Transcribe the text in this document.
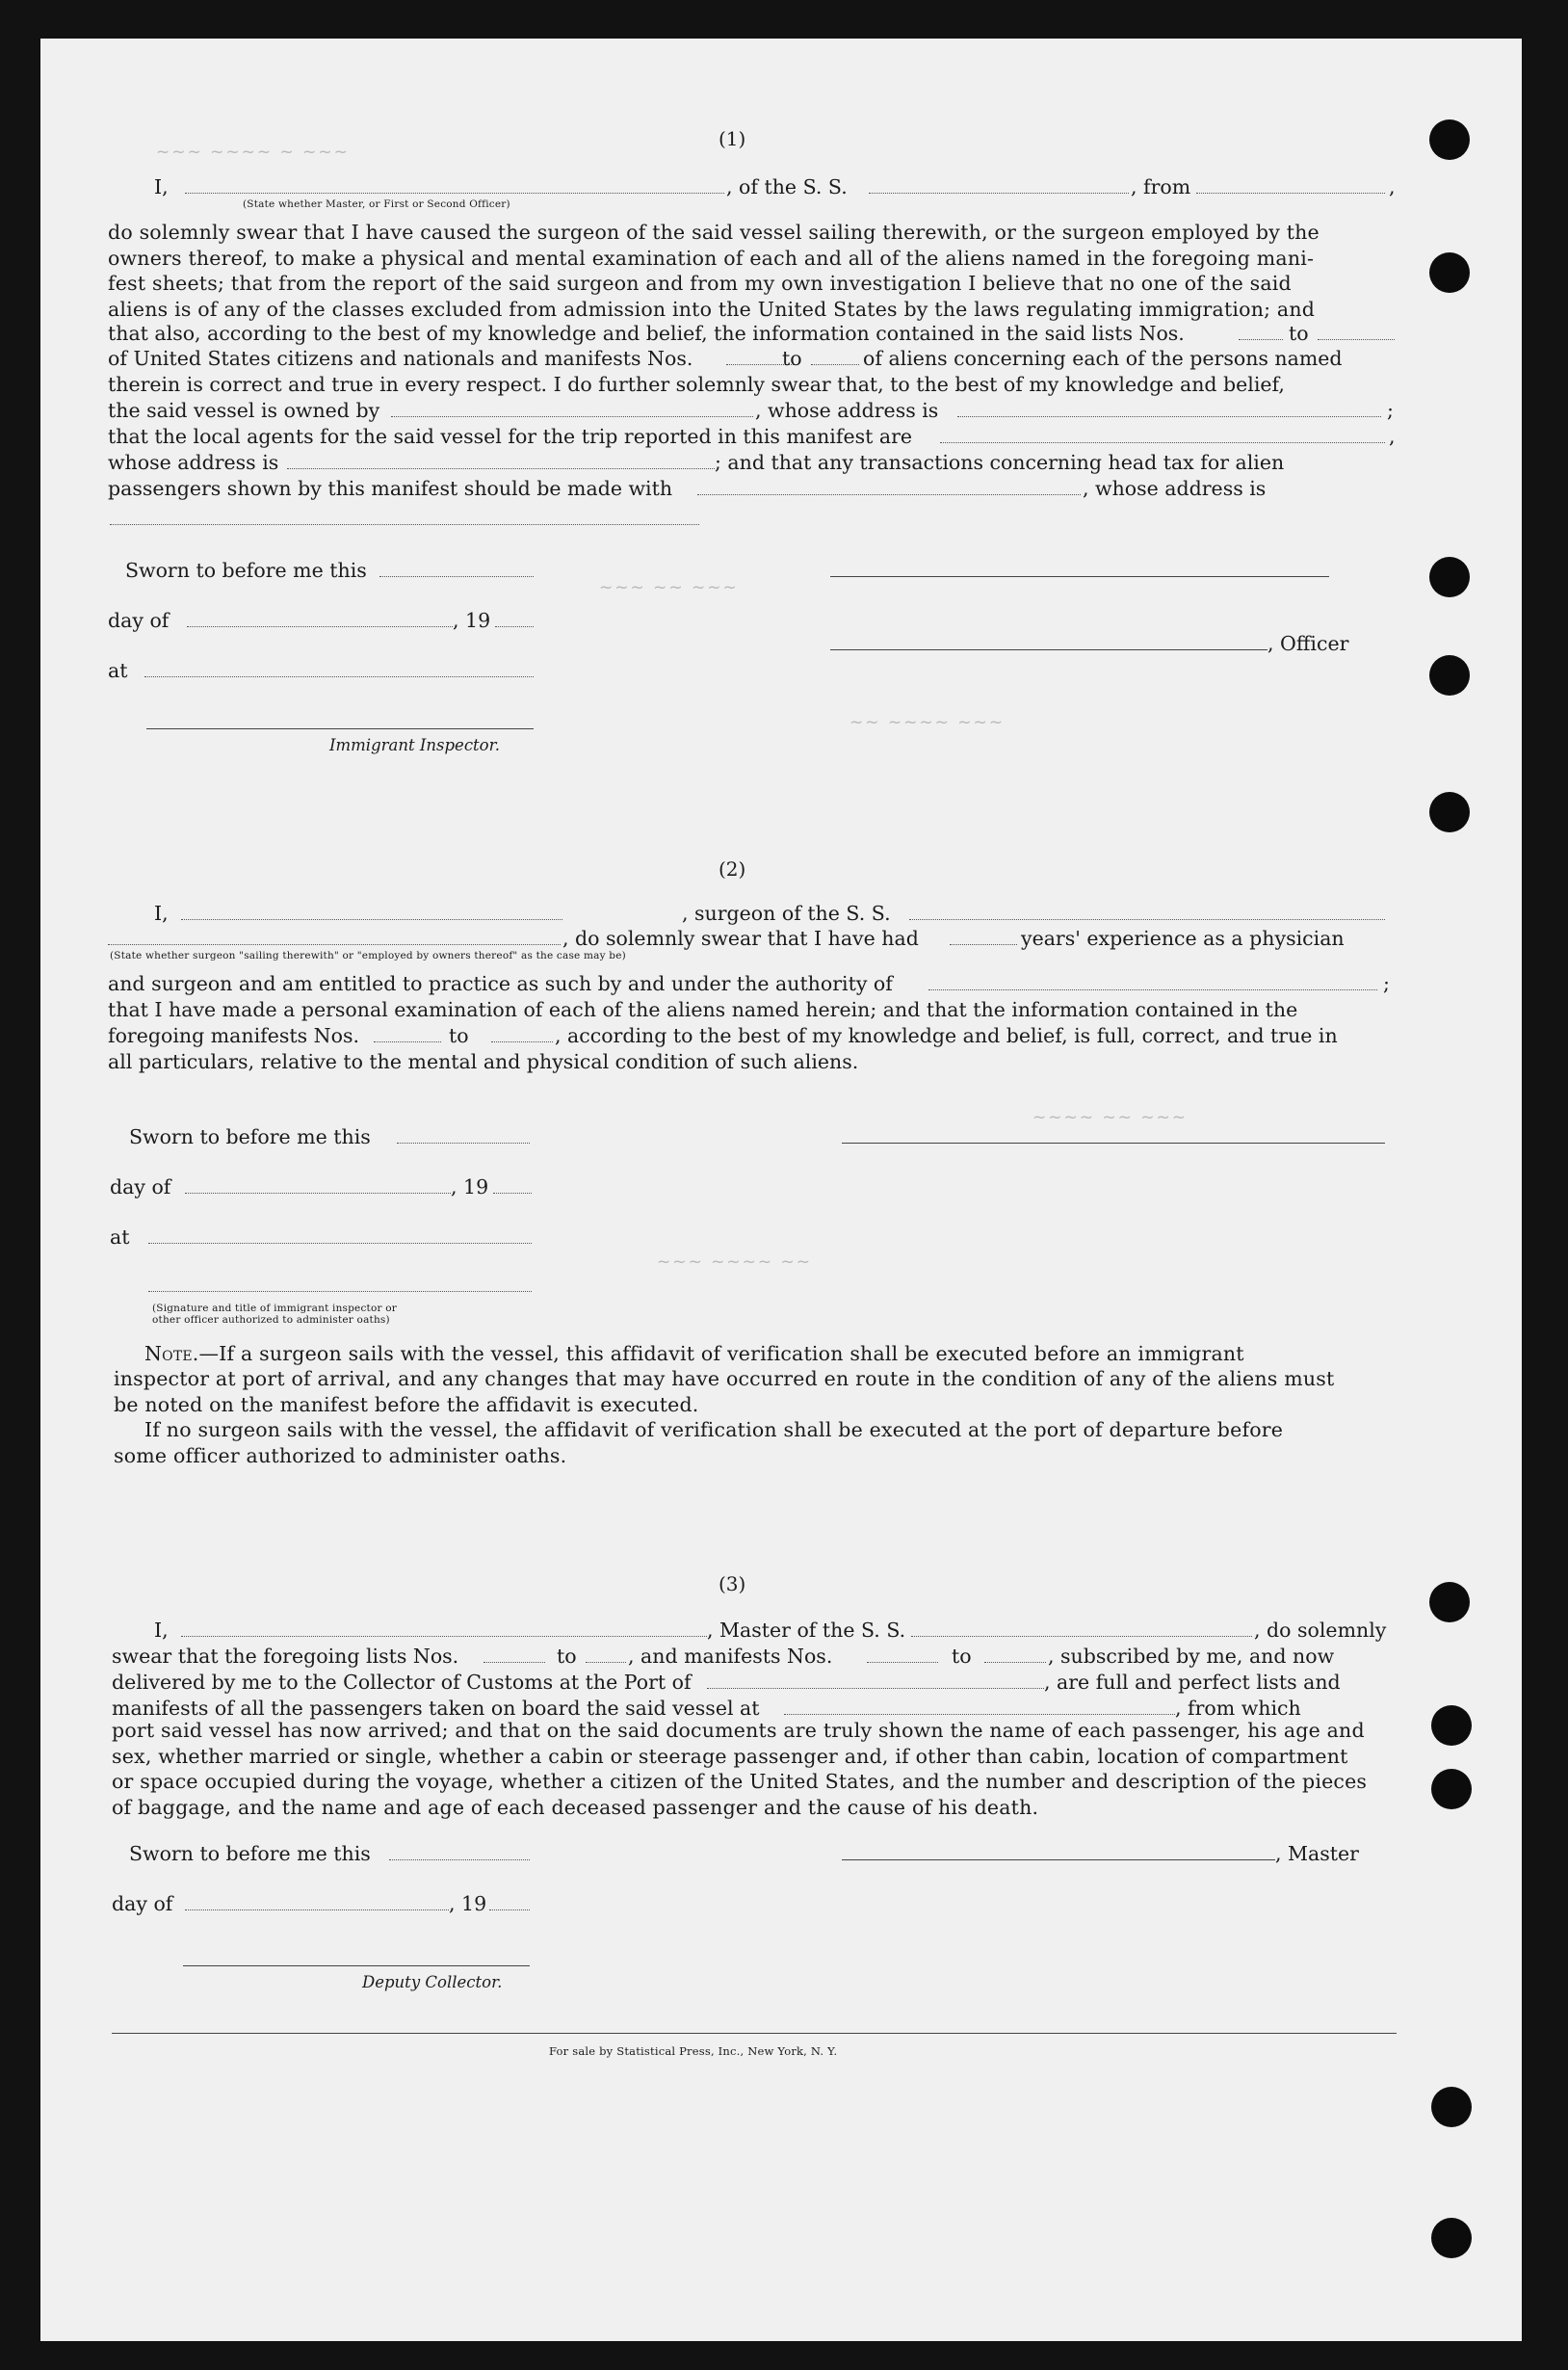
~~~ ~~~~ ~ ~~~
~~~ ~~ ~~~
~~ ~~~~ ~~~
~~~~ ~~ ~~~
~~~ ~~~~ ~~
(1)
I,
(State whether Master, or First or Second Officer)
, of the S. S.	, from	,
do solemnly swear that I have caused the surgeon of the said vessel sailing therewith, or the surgeon employed by the
owners thereof, to make a physical and mental examination of each and all of the aliens named in the foregoing mani-
fest sheets; that from the report of the said surgeon and from my own investigation I believe that no one of the said
aliens is of any of the classes excluded from admission into the United States by the laws regulating immigration; and
that also, according to the best of my knowledge and belief, the information contained in the said lists Nos.	to
of United States citizens and nationals and manifests Nos.	to	of aliens concerning each of the persons named
therein is correct and true in every respect. I do further solemnly swear that, to the best of my knowledge and belief,
the said vessel is owned by	, whose address is	;
that the local agents for the said vessel for the trip reported in this manifest are	,
whose address is	; and that any transactions concerning head tax for alien
passengers shown by this manifest should be made with	, whose address is
Sworn to before me this
day of	, 19
, Officer
at
Immigrant Inspector.
(2)
I,
, do solemnly swear that I have had
, surgeon of the S. S.
(State whether surgeon "sailing therewith" or "employed by owners thereof" as the case may be)
years' experience as a physician
and surgeon and am entitled to practice as such by and under the authority of	;
that I have made a personal examination of each of the aliens named herein; and that the information contained in the
foregoing manifests Nos.	to	, according to the best of my knowledge and belief, is full, correct, and true in
all particulars, relative to the mental and physical condition of such aliens.
Sworn to before me this
day of	, 19
at
(Signature and title of immigrant inspector or
other officer authorized to administer oaths)
Note.—If a surgeon sails with the vessel, this affidavit of verification shall be executed before an immigrant
inspector at port of arrival, and any changes that may have occurred en route in the condition of any of the aliens must
be noted on the manifest before the affidavit is executed.
If no surgeon sails with the vessel, the affidavit of verification shall be executed at the port of departure before
some officer authorized to administer oaths.
(3)
I,	, Master of the S. S.	, do solemnly
swear that the foregoing lists Nos.	to	, and manifests Nos.	to	, subscribed by me, and now
delivered by me to the Collector of Customs at the Port of	, are full and perfect lists and
manifests of all the passengers taken on board the said vessel at	, from which
port said vessel has now arrived; and that on the said documents are truly shown the name of each passenger, his age and
sex, whether married or single, whether a cabin or steerage passenger and, if other than cabin, location of compartment
or space occupied during the voyage, whether a citizen of the United States, and the number and description of the pieces
of baggage, and the name and age of each deceased passenger and the cause of his death.
Sworn to before me this	, Master
day of	, 19
Deputy Collector.
For sale by Statistical Press, Inc., New York, N. Y.
